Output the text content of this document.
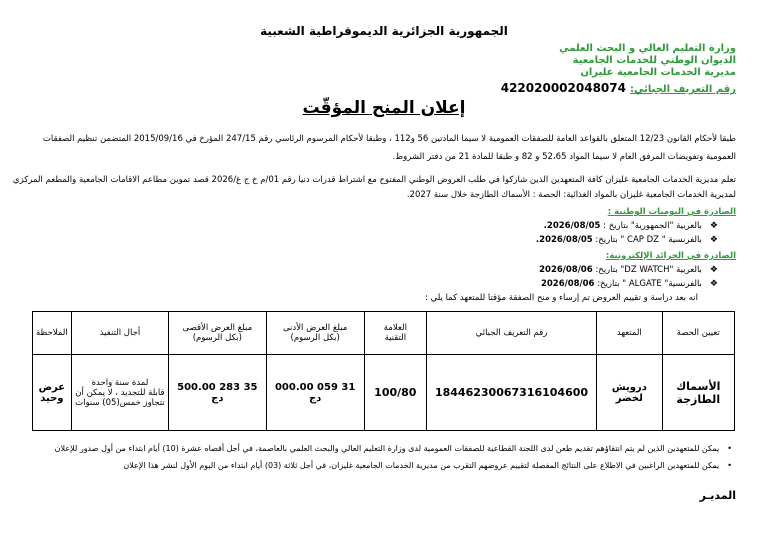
الجمهورية الجزائرية الديموقراطية الشعبية
وزارة التعليم العالي و البحث العلمي
الديوان الوطني للخدمات الجامعية
مديرية الخدمات الجامعية غليزان
رقم التعريف الجبائي:422020002048074
إعلان المنح المؤقّت
طبقا لأحكام القانون 12/23 المتعلق بالقواعد العامة للصفقات العمومية لا سيما المادتين 56 و112 ، وطبقا لأحكام المرسوم الرئاسي رقم 247/15 المؤرخ في 2015/09/16 المتضمن تنظيم الصفقات
العمومية وتفويضات المرفق العام لا سيما المواد 52،65 و 82 و طبقا للمادة 21 من دفتر الشروط.
تعلم مديرية الخدمات الجامعية غليزان كافة المتعهدين الذين شاركوا في طلب العروض الوطني المفتوح مع اشتراط قدرات دنيا رقم 01/م خ ج غ/2026 قصد تموين مطاعم الاقامات الجامعية والمطعم المركزي
لمديرية الخدمات الجامعية غليزان بالمواد الغذائية: الحصة : الأسماك الطازجة خلال سنة 2027.
الصادرة في اليوميات الوطنية :
❖بالعربية "الجمهورية" بتاريخ : 2026/08/05.
❖بالفرنسية " CAP DZ " بتاريخ: 2026/08/05.
الصادرة في الجرائد الإلكترونية:
❖بالعربية "DZ WATCH" بتاريخ: 2026/08/06
❖بالفرنسية" ALGATE " بتاريخ: 2026/08/06
انه بعد دراسة و تقييم العروض تم إرساء و منح الصفقة مؤقتا للمتعهد كما يلي :
تعيين الحصة	المتعهد	رقم التعريف الجبائي	العلامة
التقنية	مبلغ العرض الأدنى
(بكل الرسوم)	مبلغ العرض الأقصى
(بكل الرسوم)	أجال التنفيذ	الملاحظة
الأسماك
الطازجة	درويش
لخضر	18446230067316104600	100/80	31 059 000.00 دج	35 283 500.00 دج	لمدة سنة واحدة
قابلة للتجديد ، لا يمكن أن
تتجاوز خمس(05) سنوات	عرض وحيد
•يمكن للمتعهدين الذين لم يتم انتقاؤهم تقديم طعن لدى اللجنة القطاعية للصفقات العمومية لدى وزارة التعليم العالي والبحث العلمي بالعاصمة، في أجل أقصاه عشرة (10) أيام ابتداء من أول صدور للإعلان
•يمكن للمتعهدين الراغبين في الاطلاع على النتائج المفصلة لتقييم عروضهم التقرب من مديرية الخدمات الجامعية غليزان، في أجل ثلاثة (03) أيام ابتداء من اليوم الأول لنشر هذا الإعلان
المديـر
